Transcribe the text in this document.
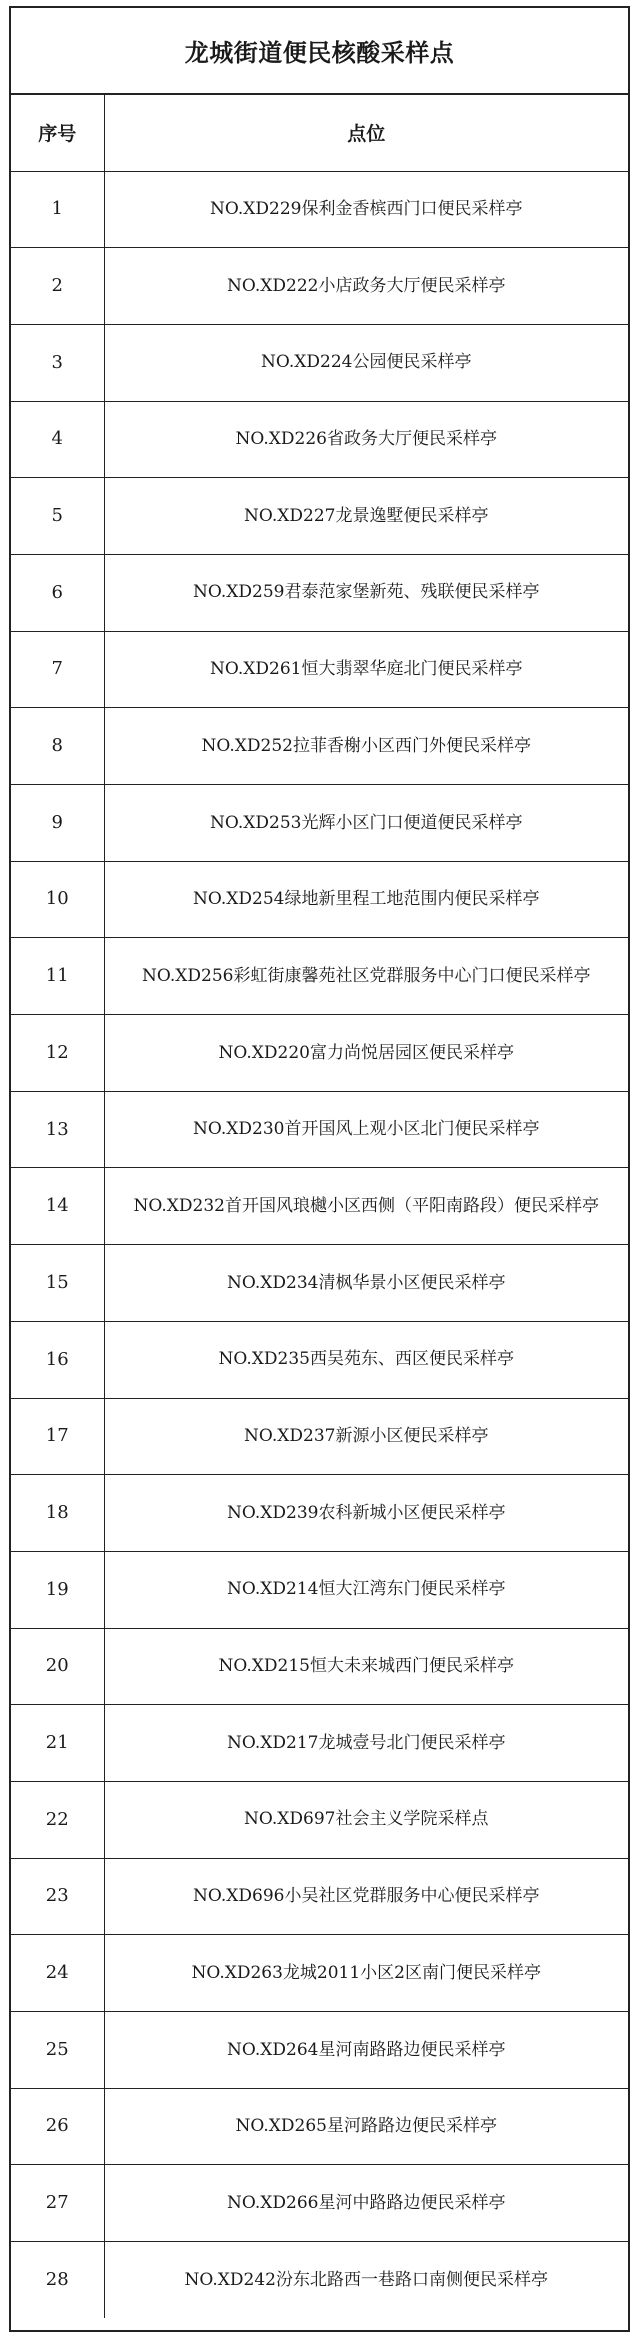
龙城街道便民核酸采样点
序号	点位
1	NO.XD229保利金香槟西门口便民采样亭
2	NO.XD222小店政务大厅便民采样亭
3	NO.XD224公园便民采样亭
4	NO.XD226省政务大厅便民采样亭
5	NO.XD227龙景逸墅便民采样亭
6	NO.XD259君泰范家堡新苑、残联便民采样亭
7	NO.XD261恒大翡翠华庭北门便民采样亭
8	NO.XD252拉菲香榭小区西门外便民采样亭
9	NO.XD253光辉小区门口便道便民采样亭
10	NO.XD254绿地新里程工地范围内便民采样亭
11	NO.XD256彩虹街康馨苑社区党群服务中心门口便民采样亭
12	NO.XD220富力尚悦居园区便民采样亭
13	NO.XD230首开国风上观小区北门便民采样亭
14	NO.XD232首开国风琅樾小区西侧（平阳南路段）便民采样亭
15	NO.XD234清枫华景小区便民采样亭
16	NO.XD235西吴苑东、西区便民采样亭
17	NO.XD237新源小区便民采样亭
18	NO.XD239农科新城小区便民采样亭
19	NO.XD214恒大江湾东门便民采样亭
20	NO.XD215恒大未来城西门便民采样亭
21	NO.XD217龙城壹号北门便民采样亭
22	NO.XD697社会主义学院采样点
23	NO.XD696小吴社区党群服务中心便民采样亭
24	NO.XD263龙城2011小区2区南门便民采样亭
25	NO.XD264星河南路路边便民采样亭
26	NO.XD265星河路路边便民采样亭
27	NO.XD266星河中路路边便民采样亭
28	NO.XD242汾东北路西一巷路口南侧便民采样亭
